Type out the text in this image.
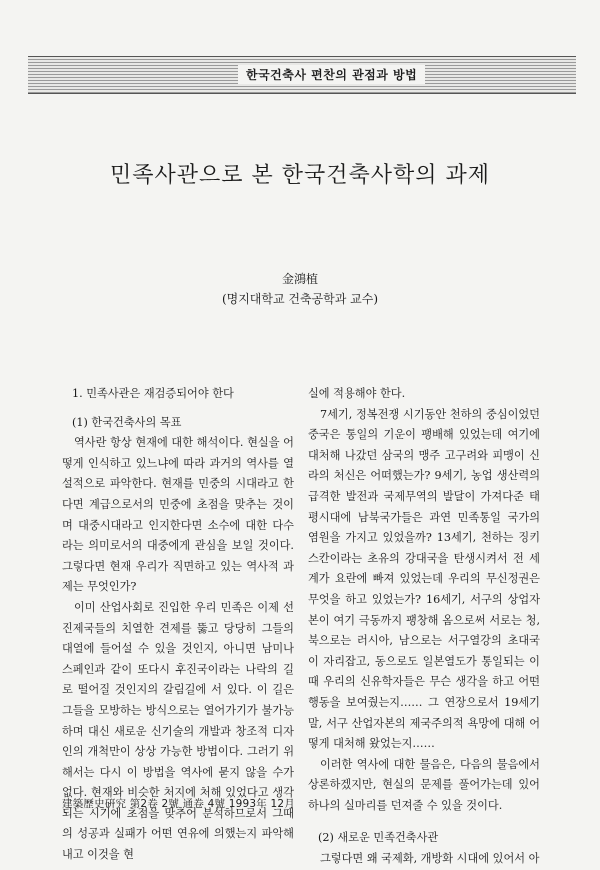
한국건축사 편찬의 관점과 방법
민족사관으로 본 한국건축사학의 과제

金鴻植

(명지대학교 건축공학과 교수)

1. 민족사관은 재검증되어야 한다

(1) 한국건축사의 목표

역사란 항상 현재에 대한 해석이다. 현실을 어떻게 인식하고 있느냐에 따라 과거의 역사를 열설적으로 파악한다. 현재를 민중의 시대라고 한다면 계급으로서의 민중에 초점을 맞추는 것이며 대중시대라고 인지한다면 소수에 대한 다수라는 의미로서의 대중에게 관심을 보일 것이다. 그렇다면 현재 우리가 직면하고 있는 역사적 과제는 무엇인가?

이미 산업사회로 진입한 우리 민족은 이제 선진제국들의 치열한 견제를 뚫고 당당히 그들의 대열에 들어설 수 있을 것인지, 아니면 남미나 스페인과 같이 또다시 후진국이라는 나락의 길로 떨어질 것인지의 갈림길에 서 있다. 이 길은 그들을 모방하는 방식으로는 열어가기가 불가능하며 대신 새로운 신기술의 개발과 창조적 디자인의 개척만이 상상 가능한 방법이다. 그러기 위해서는 다시 이 방법을 역사에 묻지 않을 수가 없다. 현재와 비슷한 처지에 처해 있었다고 생각되는 시기에 초점을 맞추어 분석하므로서 그때의 성공과 실패가 어떤 연유에 의했는지 파악해내고 이것을 현

실에 적용해야 한다.

7세기, 정복전쟁 시기동안 천하의 중심이었던 중국은 통일의 기운이 팽배해 있었는데 여기에 대처해 나갔던 삼국의 맹주 고구려와 피맹이 신라의 처신은 어떠했는가? 9세기, 농업 생산력의 급격한 발전과 국제무역의 발달이 가져다준 태평시대에 남북국가들은 과연 민족통일 국가의 염원을 가지고 있었을까? 13세기, 천하는 징키스칸이라는 초유의 강대국을 탄생시켜서 전 세계가 요란에 빠져 있었는데 우리의 무신정권은 무엇을 하고 있었는가? 16세기, 서구의 상업자본이 여기 극동까지 팽창해 옴으로써 서로는 청, 북으로는 러시아, 남으로는 서구열강의 초대국이 자리잡고, 동으로도 일본열도가 통일되는 이 때 우리의 신유학자들은 무슨 생각을 하고 어떤 행동을 보여줬는지…… 그 연장으로서 19세기 말, 서구 산업자본의 제국주의적 욕망에 대해 어떻게 대처해 왔었는지……

이러한 역사에 대한 물음은, 다음의 물음에서 상론하겠지만, 현실의 문제를 풀어가는데 있어 하나의 실마리를 던져줄 수 있을 것이다.

(2) 새로운 민족건축사관

그렇다면 왜 국제화, 개방화 시대에 있어서 아

建築歷史硏究 第2卷 2號 通卷 4號 1993年 12月
